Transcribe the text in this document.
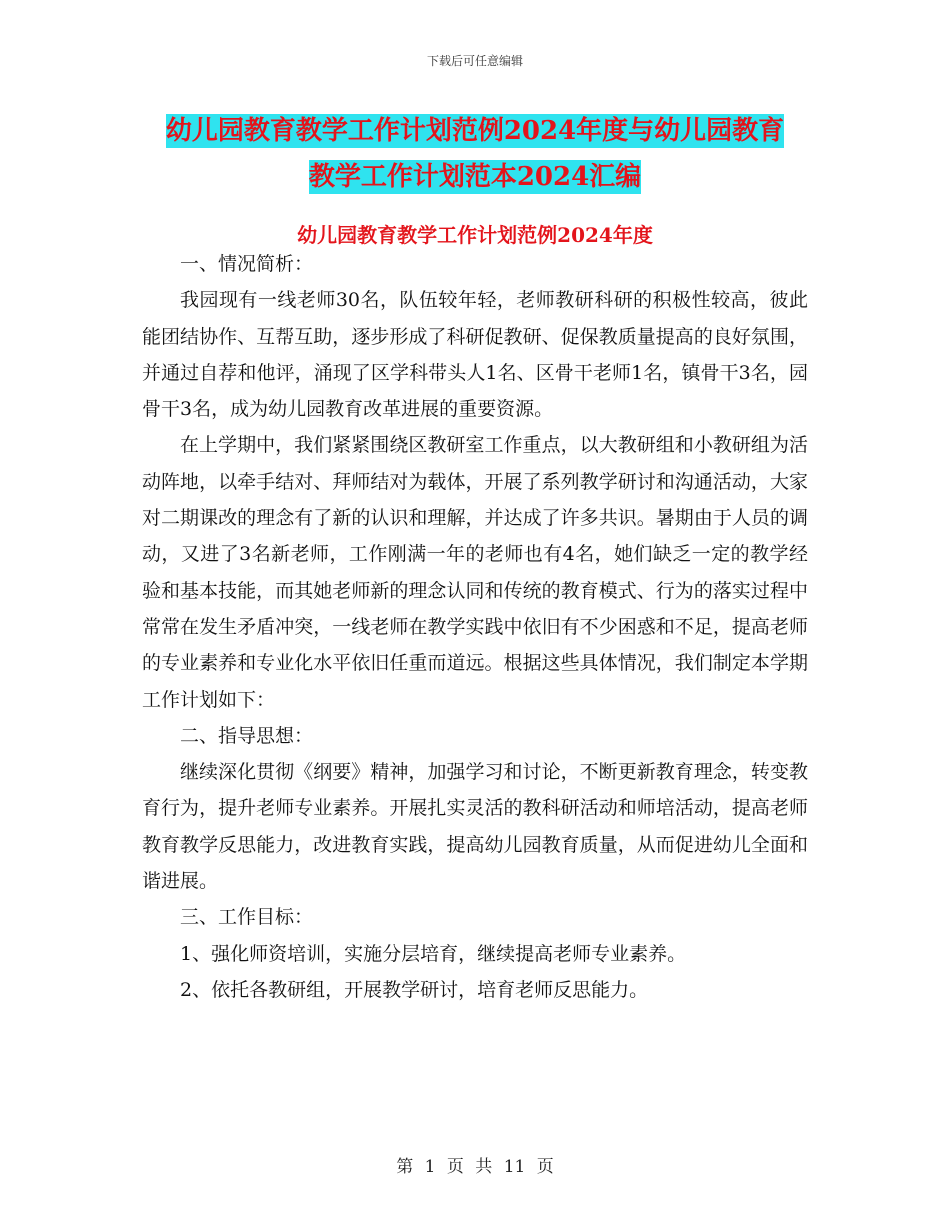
下载后可任意编辑
幼儿园教育教学工作计划范例2024年度与幼儿园教育
教学工作计划范本2024汇编
幼儿园教育教学工作计划范例2024年度

一、情况简析：

我园现有一线老师30名，队伍较年轻，老师教研科研的积极性较高，彼此能团结协作、互帮互助，逐步形成了科研促教研、促保教质量提高的良好氛围，并通过自荐和他评，涌现了区学科带头人1名、区骨干老师1名，镇骨干3名，园骨干3名，成为幼儿园教育改革进展的重要资源。

在上学期中，我们紧紧围绕区教研室工作重点，以大教研组和小教研组为活动阵地，以牵手结对、拜师结对为载体，开展了系列教学研讨和沟通活动，大家对二期课改的理念有了新的认识和理解，并达成了许多共识。暑期由于人员的调动，又进了3名新老师，工作刚满一年的老师也有4名，她们缺乏一定的教学经验和基本技能，而其她老师新的理念认同和传统的教育模式、行为的落实过程中常常在发生矛盾冲突，一线老师在教学实践中依旧有不少困惑和不足，提高老师的专业素养和专业化水平依旧任重而道远。根据这些具体情况，我们制定本学期工作计划如下：

二、指导思想：

继续深化贯彻《纲要》精神，加强学习和讨论，不断更新教育理念，转变教育行为，提升老师专业素养。开展扎实灵活的教科研活动和师培活动，提高老师教育教学反思能力，改进教育实践，提高幼儿园教育质量，从而促进幼儿全面和谐进展。

三、工作目标：

1、强化师资培训，实施分层培育，继续提高老师专业素养。

2、依托各教研组，开展教学研讨，培育老师反思能力。

第 1 页 共 11 页
